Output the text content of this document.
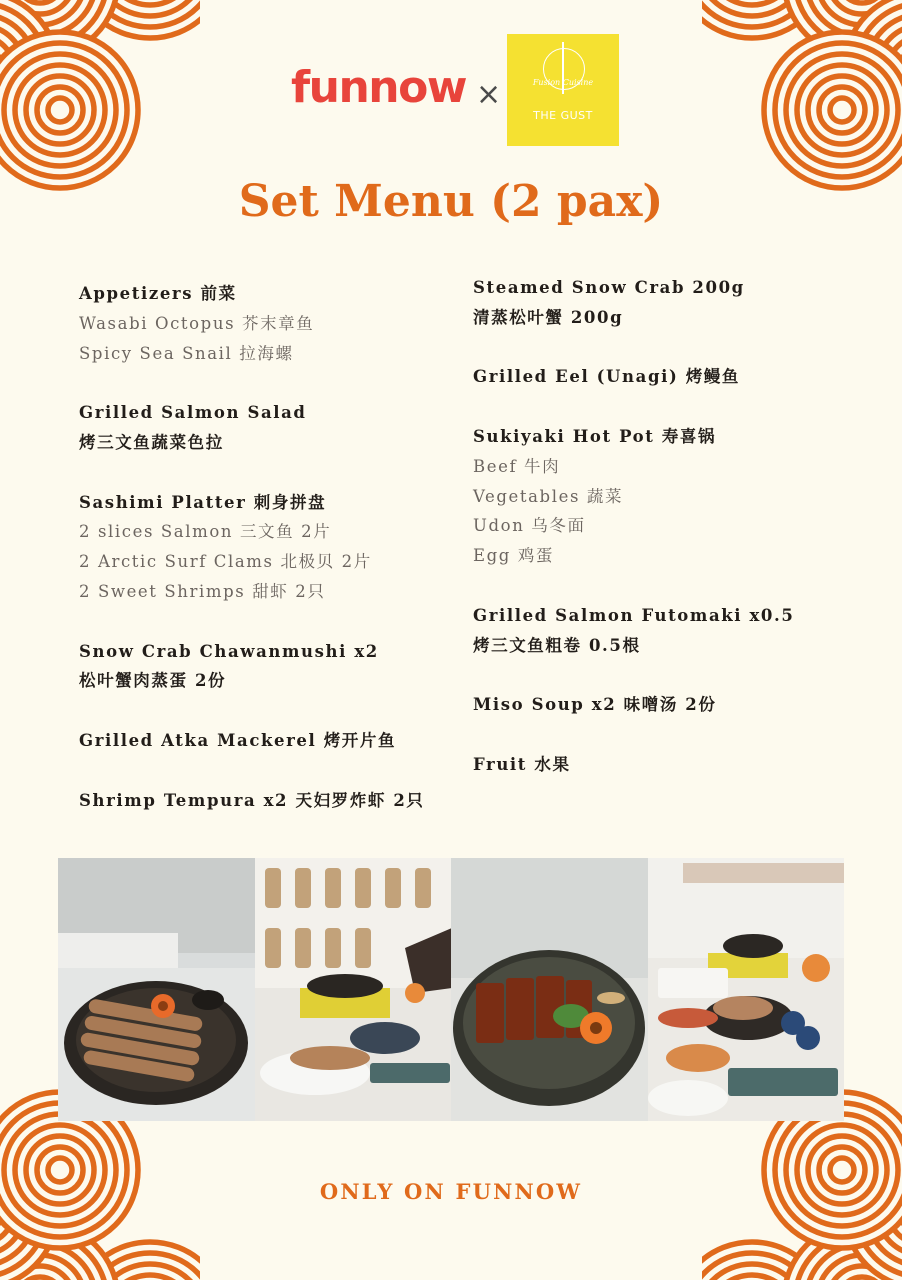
funnow ×	Fusion Cuisine
THE GUST
Set Menu (2 pax)
Appetizers 前菜
Wasabi Octopus 芥末章鱼
Spicy Sea Snail 拉海螺
Grilled Salmon Salad
烤三文鱼蔬菜色拉
Sashimi Platter 刺身拼盘
2 slices Salmon 三文鱼 2片
2 Arctic Surf Clams 北极贝 2片
2 Sweet Shrimps 甜虾 2只
Snow Crab Chawanmushi x2
松叶蟹肉蒸蛋 2份
Grilled Atka Mackerel 烤开片鱼
Shrimp Tempura x2 天妇罗炸虾 2只
Steamed Snow Crab 200g
清蒸松叶蟹 200g
Grilled Eel (Unagi) 烤鳗鱼
Sukiyaki Hot Pot 寿喜锅
Beef 牛肉
Vegetables 蔬菜
Udon 乌冬面
Egg 鸡蛋
Grilled Salmon Futomaki x0.5
烤三文鱼粗卷 0.5根
Miso Soup x2 味噌汤 2份
Fruit 水果
ONLY ON FUNNOW
